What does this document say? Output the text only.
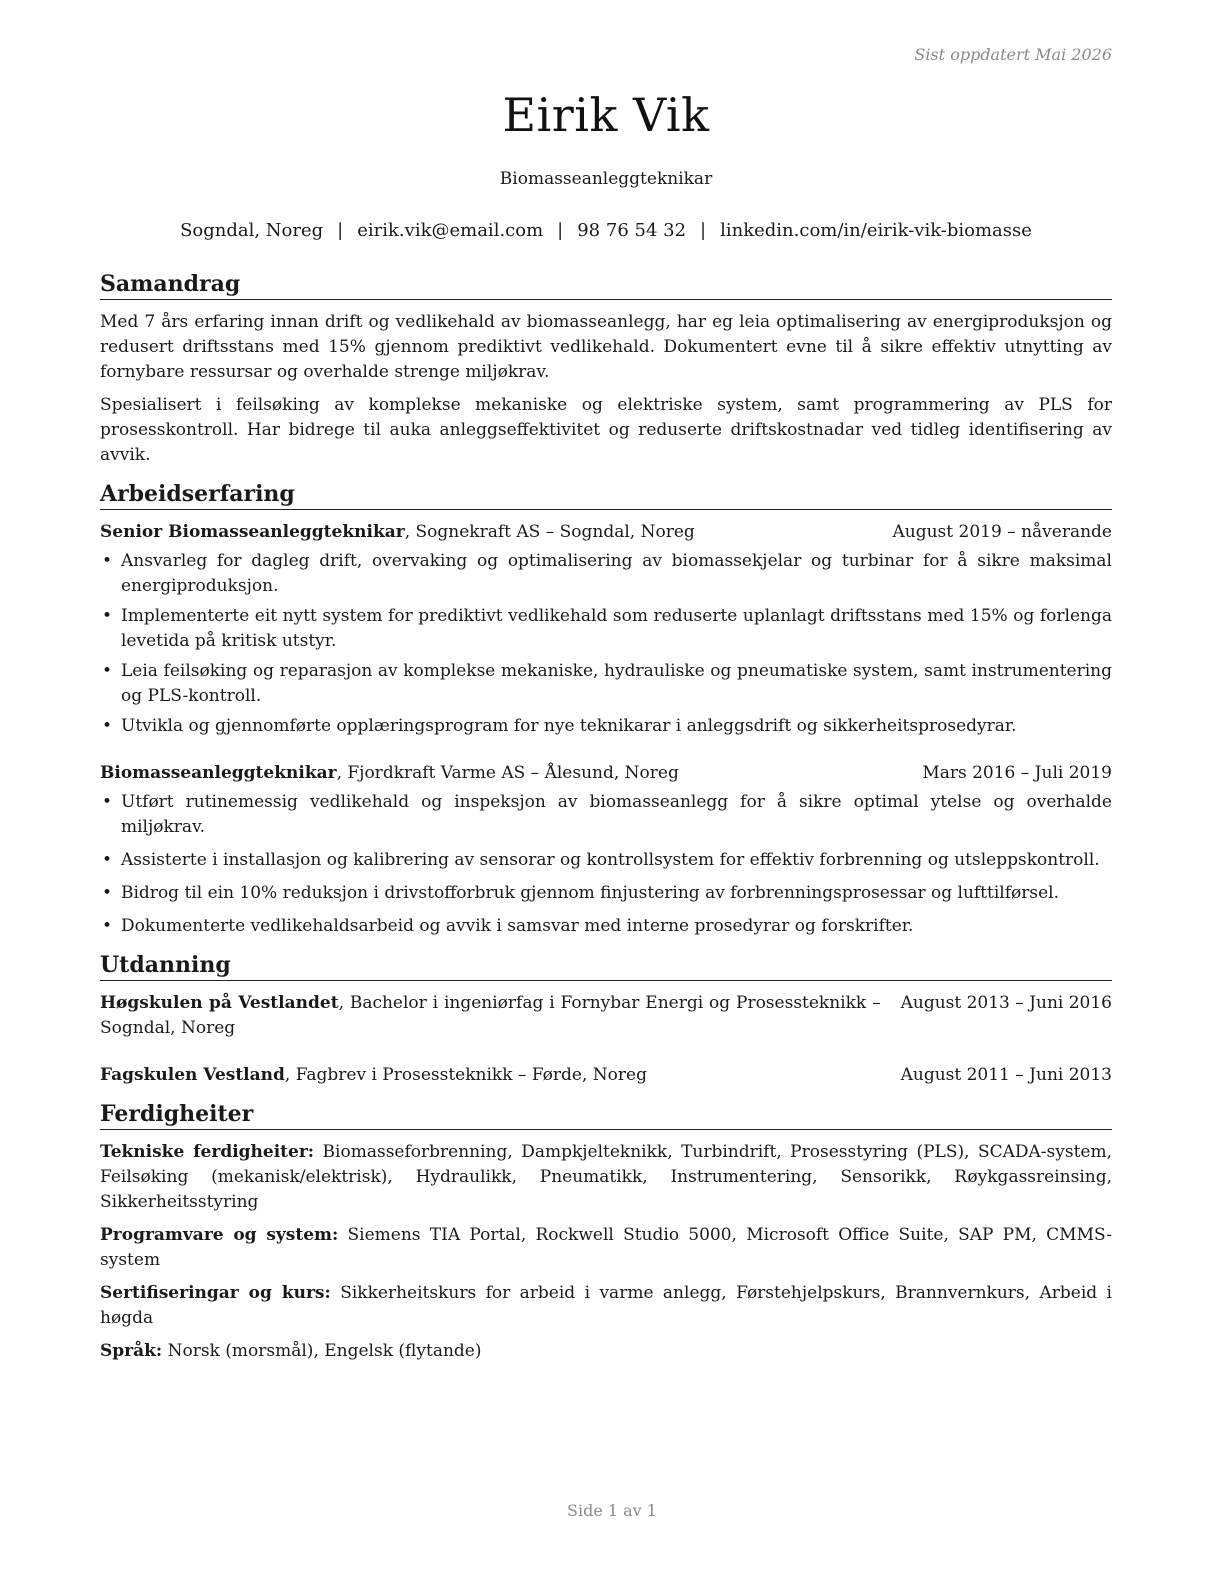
Sist oppdatert Mai 2026
Eirik Vik
Biomasseanleggteknikar
Sogndal, Noreg | eirik.vik@email.com | 98 76 54 32 | linkedin.com/in/eirik-vik-biomasse
Samandrag

Med 7 års erfaring innan drift og vedlikehald av biomasseanlegg, har eg leia optimalisering av energiproduksjon og redusert driftsstans med 15% gjennom prediktivt vedlikehald. Dokumentert evne til å sikre effektiv utnytting av fornybare ressursar og overhalde strenge miljøkrav.

Spesialisert i feilsøking av komplekse mekaniske og elektriske system, samt programmering av PLS for prosesskontroll. Har bidrege til auka anleggseffektivitet og reduserte driftskostnadar ved tidleg identifisering av avvik.

Arbeidserfaring
Senior Biomasseanleggteknikar, Sognekraft AS – Sogndal, Noreg	August 2019 – nåverande
• Ansvarleg for dagleg drift, overvaking og optimalisering av biomassekjelar og turbinar for å sikre maksimal energiproduksjon.
• Implementerte eit nytt system for prediktivt vedlikehald som reduserte uplanlagt driftsstans med 15% og forlenga levetida på kritisk utstyr.
• Leia feilsøking og reparasjon av komplekse mekaniske, hydrauliske og pneumatiske system, samt instrumentering og PLS-kontroll.
• Utvikla og gjennomførte opplæringsprogram for nye teknikarar i anleggsdrift og sikkerheitsprosedyrar.
Biomasseanleggteknikar, Fjordkraft Varme AS – Ålesund, Noreg	Mars 2016 – Juli 2019
• Utført rutinemessig vedlikehald og inspeksjon av biomasseanlegg for å sikre optimal ytelse og overhalde miljøkrav.
• Assisterte i installasjon og kalibrering av sensorar og kontrollsystem for effektiv forbrenning og utsleppskontroll.
• Bidrog til ein 10% reduksjon i drivstofforbruk gjennom finjustering av forbrenningsprosessar og lufttilførsel.
• Dokumenterte vedlikehaldsarbeid og avvik i samsvar med interne prosedyrar og forskrifter.
Utdanning
Høgskulen på Vestlandet, Bachelor i ingeniørfag i Fornybar Energi og Prosessteknikk – Sogndal, Noreg
August 2013 – Juni 2016
Fagskulen Vestland, Fagbrev i Prosessteknikk – Førde, Noreg	August 2011 – Juni 2013
Ferdigheiter

Tekniske ferdigheiter: Biomasseforbrenning, Dampkjelteknikk, Turbindrift, Prosesstyring (PLS), SCADA-system, Feilsøking (mekanisk/elektrisk), Hydraulikk, Pneumatikk, Instrumentering, Sensorikk, Røykgassreinsing, Sikkerheitsstyring

Programvare og system: Siemens TIA Portal, Rockwell Studio 5000, Microsoft Office Suite, SAP PM, CMMS-system

Sertifiseringar og kurs: Sikkerheitskurs for arbeid i varme anlegg, Førstehjelpskurs, Brannvernkurs, Arbeid i høgda

Språk: Norsk (morsmål), Engelsk (flytande)

Side 1 av 1
